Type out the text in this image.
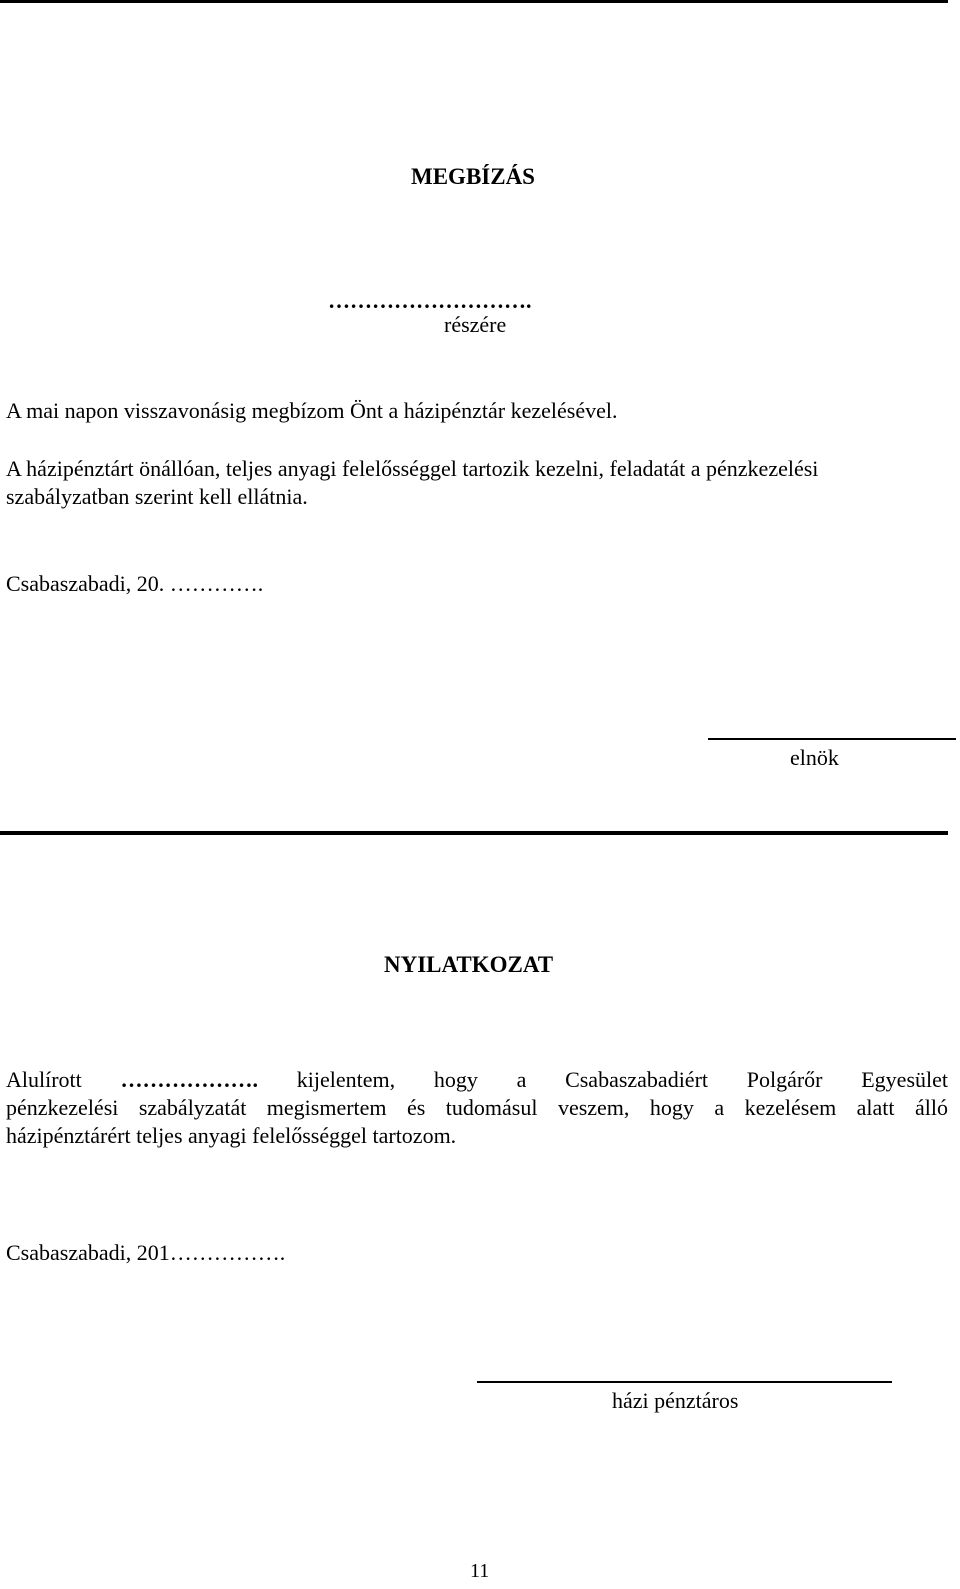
MEGBÍZÁS
……………………….
részére
A mai napon visszavonásig megbízom Önt a házipénztár kezelésével.
A házipénztárt önállóan, teljes anyagi felelősséggel tartozik kezelni, feladatát a pénzkezelési
szabályzatban szerint kell ellátnia.
Csabaszabadi, 20. ………….
elnök
NYILATKOZAT

Alulírott ………………. kijelentem, hogy a Csabaszabadiért Polgárőr Egyesület

pénzkezelési szabályzatát megismertem és tudomásul veszem, hogy a kezelésem alatt álló

házipénztárért teljes anyagi felelősséggel tartozom.

Csabaszabadi, 201…………….
házi pénztáros
11
